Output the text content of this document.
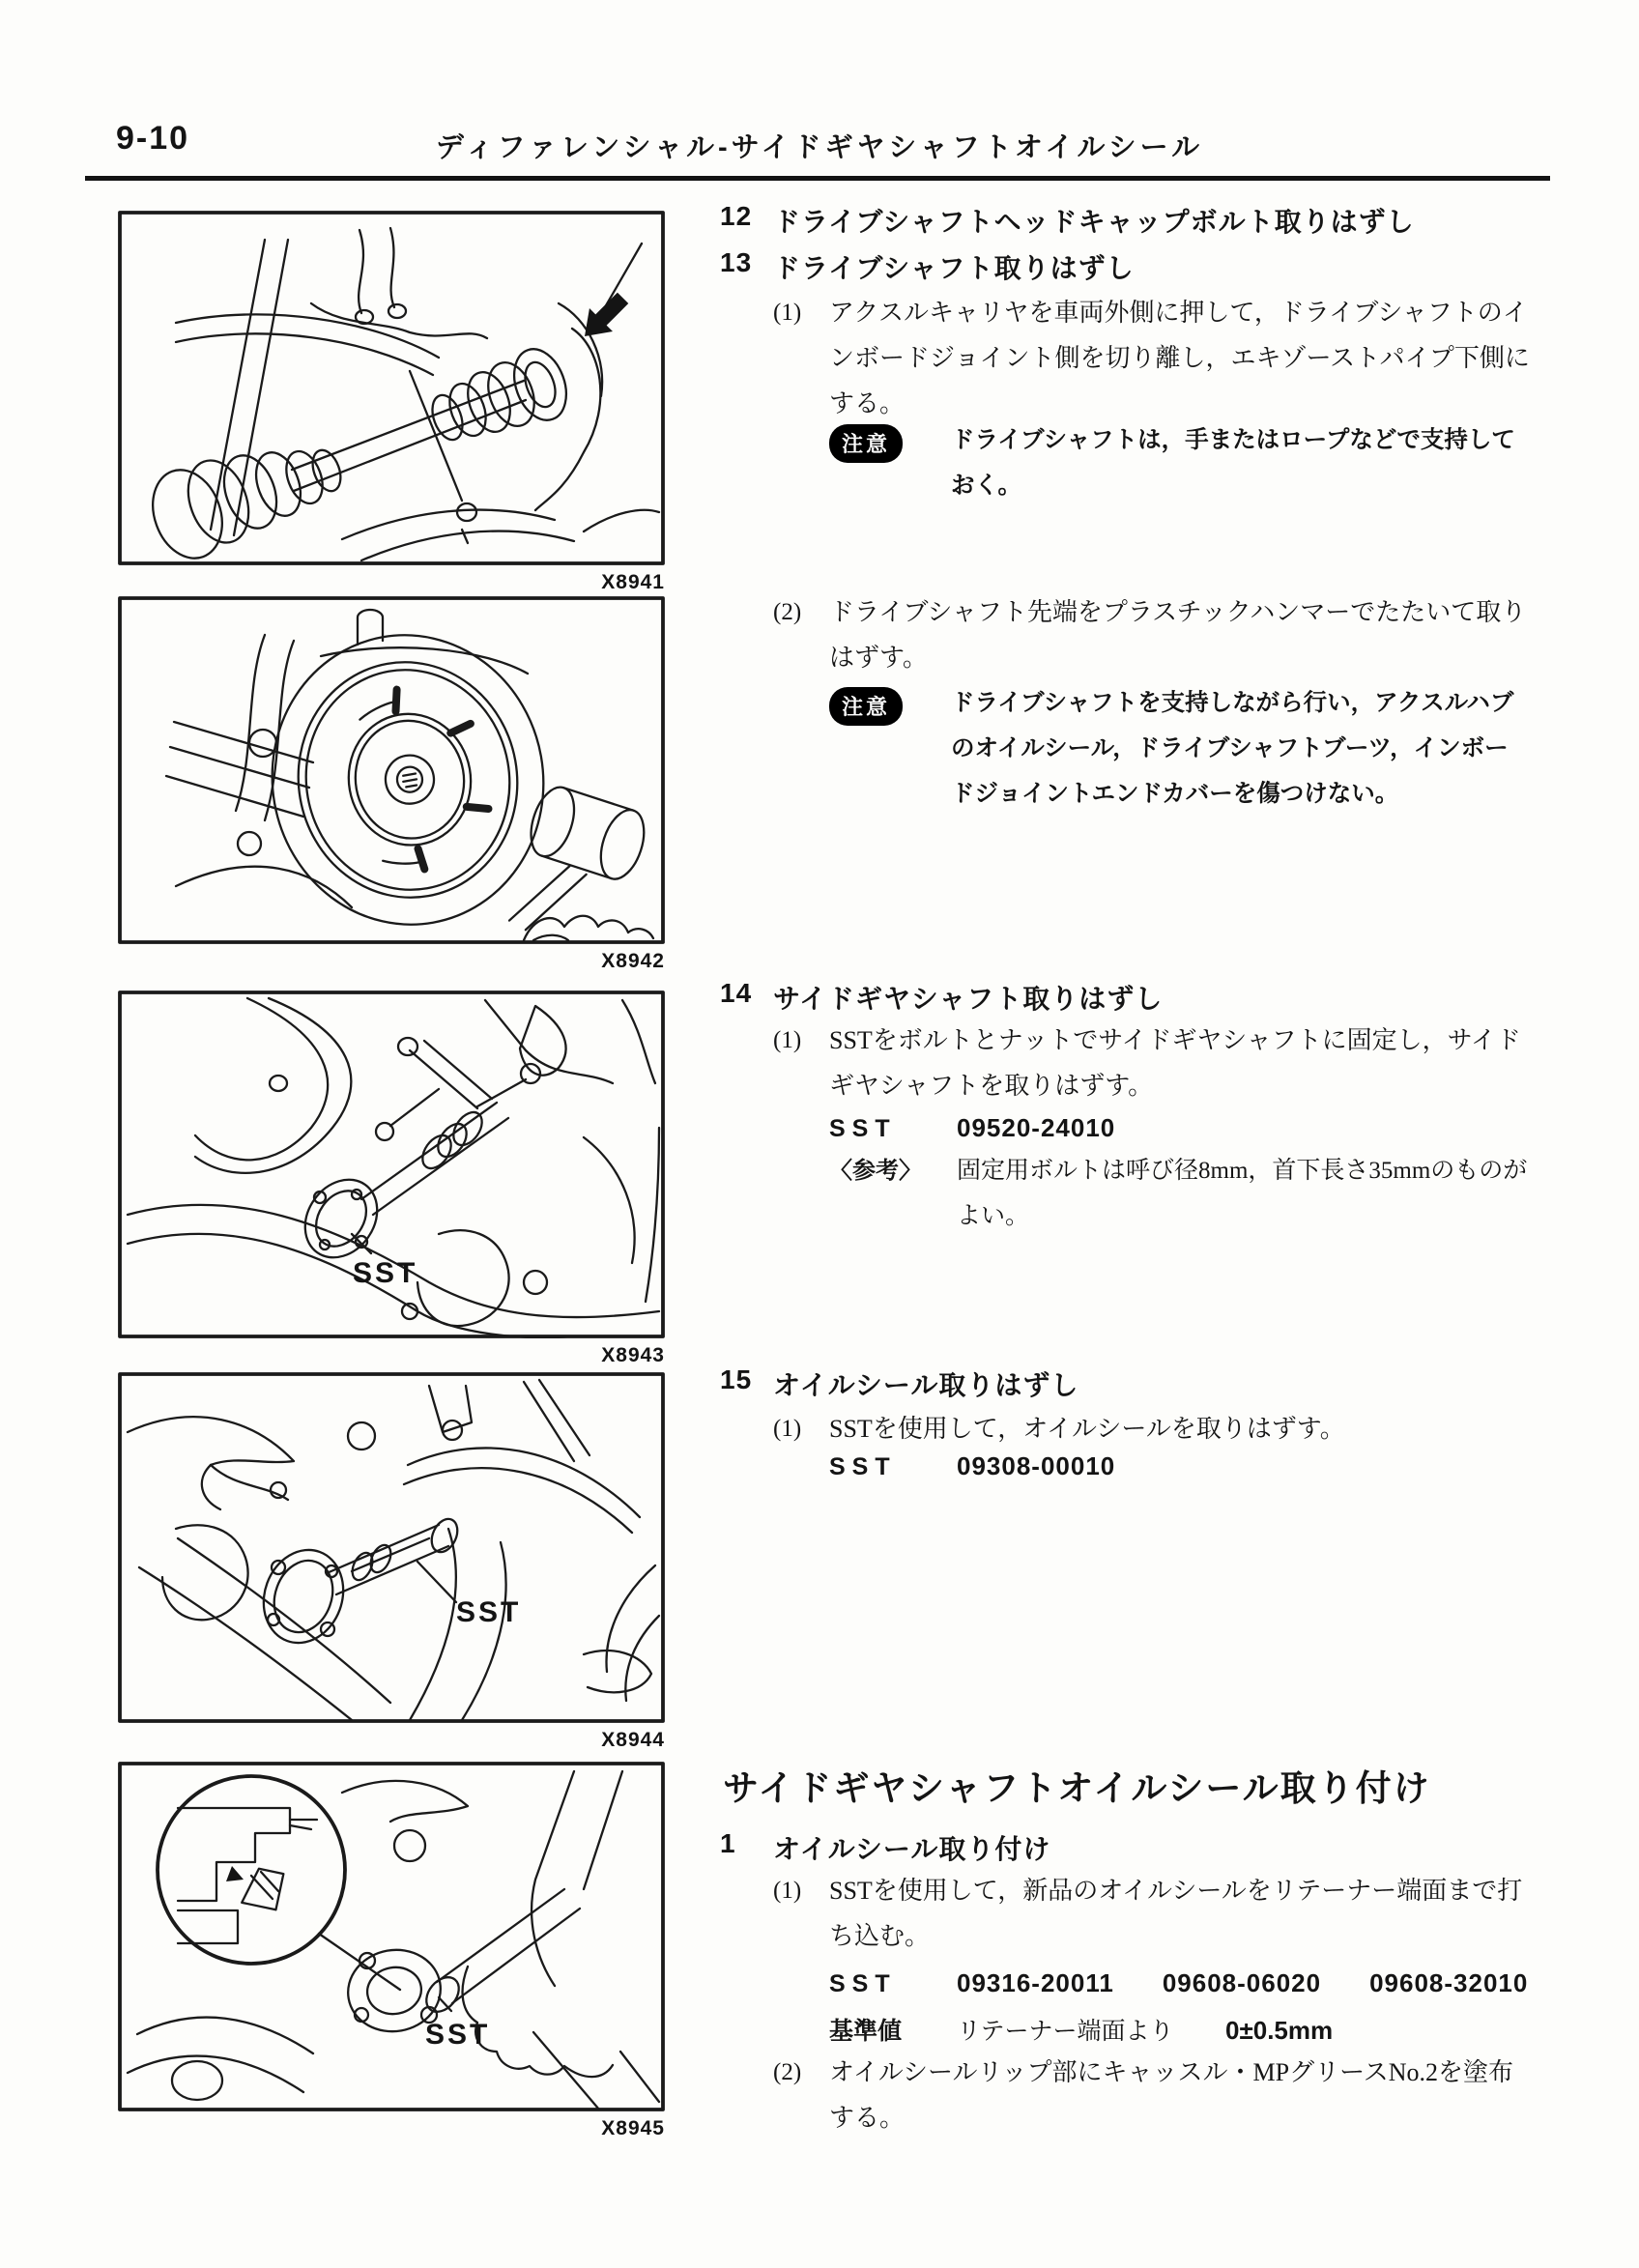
9-10	ディファレンシャル-サイドギヤシャフトオイルシール
X8941
X8942
SST
X8943
SST
X8944
SST
X8945
12 ドライブシャフトヘッドキャップボルト取りはずし
13 ドライブシャフト取りはずし
(1)	アクスルキャリヤを車両外側に押して，ドライブシャフトのインボードジョイント側を切り離し，エキゾーストパイプ下側にする。
注意	ドライブシャフトは，手またはロープなどで支持しておく。
(2)	ドライブシャフト先端をプラスチックハンマーでたたいて取りはずす。
注意	ドライブシャフトを支持しながら行い，アクスルハブのオイルシール，ドライブシャフトブーツ，インボードジョイントエンドカバーを傷つけない。
14 サイドギヤシャフト取りはずし
(1)	SSTをボルトとナットでサイドギヤシャフトに固定し，サイドギヤシャフトを取りはずす。
SST	09520-24010
〈参考〉	固定用ボルトは呼び径8mm，首下長さ35mmのものがよい。
15 オイルシール取りはずし
(1)	SSTを使用して，オイルシールを取りはずす。
SST	09308-00010
サイドギヤシャフトオイルシール取り付け
1	オイルシール取り付け
(1)	SSTを使用して，新品のオイルシールをリテーナー端面まで打ち込む。
SST	09316-20011 09608-06020 09608-32010
基準値	リテーナー端面より	0±0.5mm
(2)	オイルシールリップ部にキャッスル・MPグリースNo.2を塗布する。
